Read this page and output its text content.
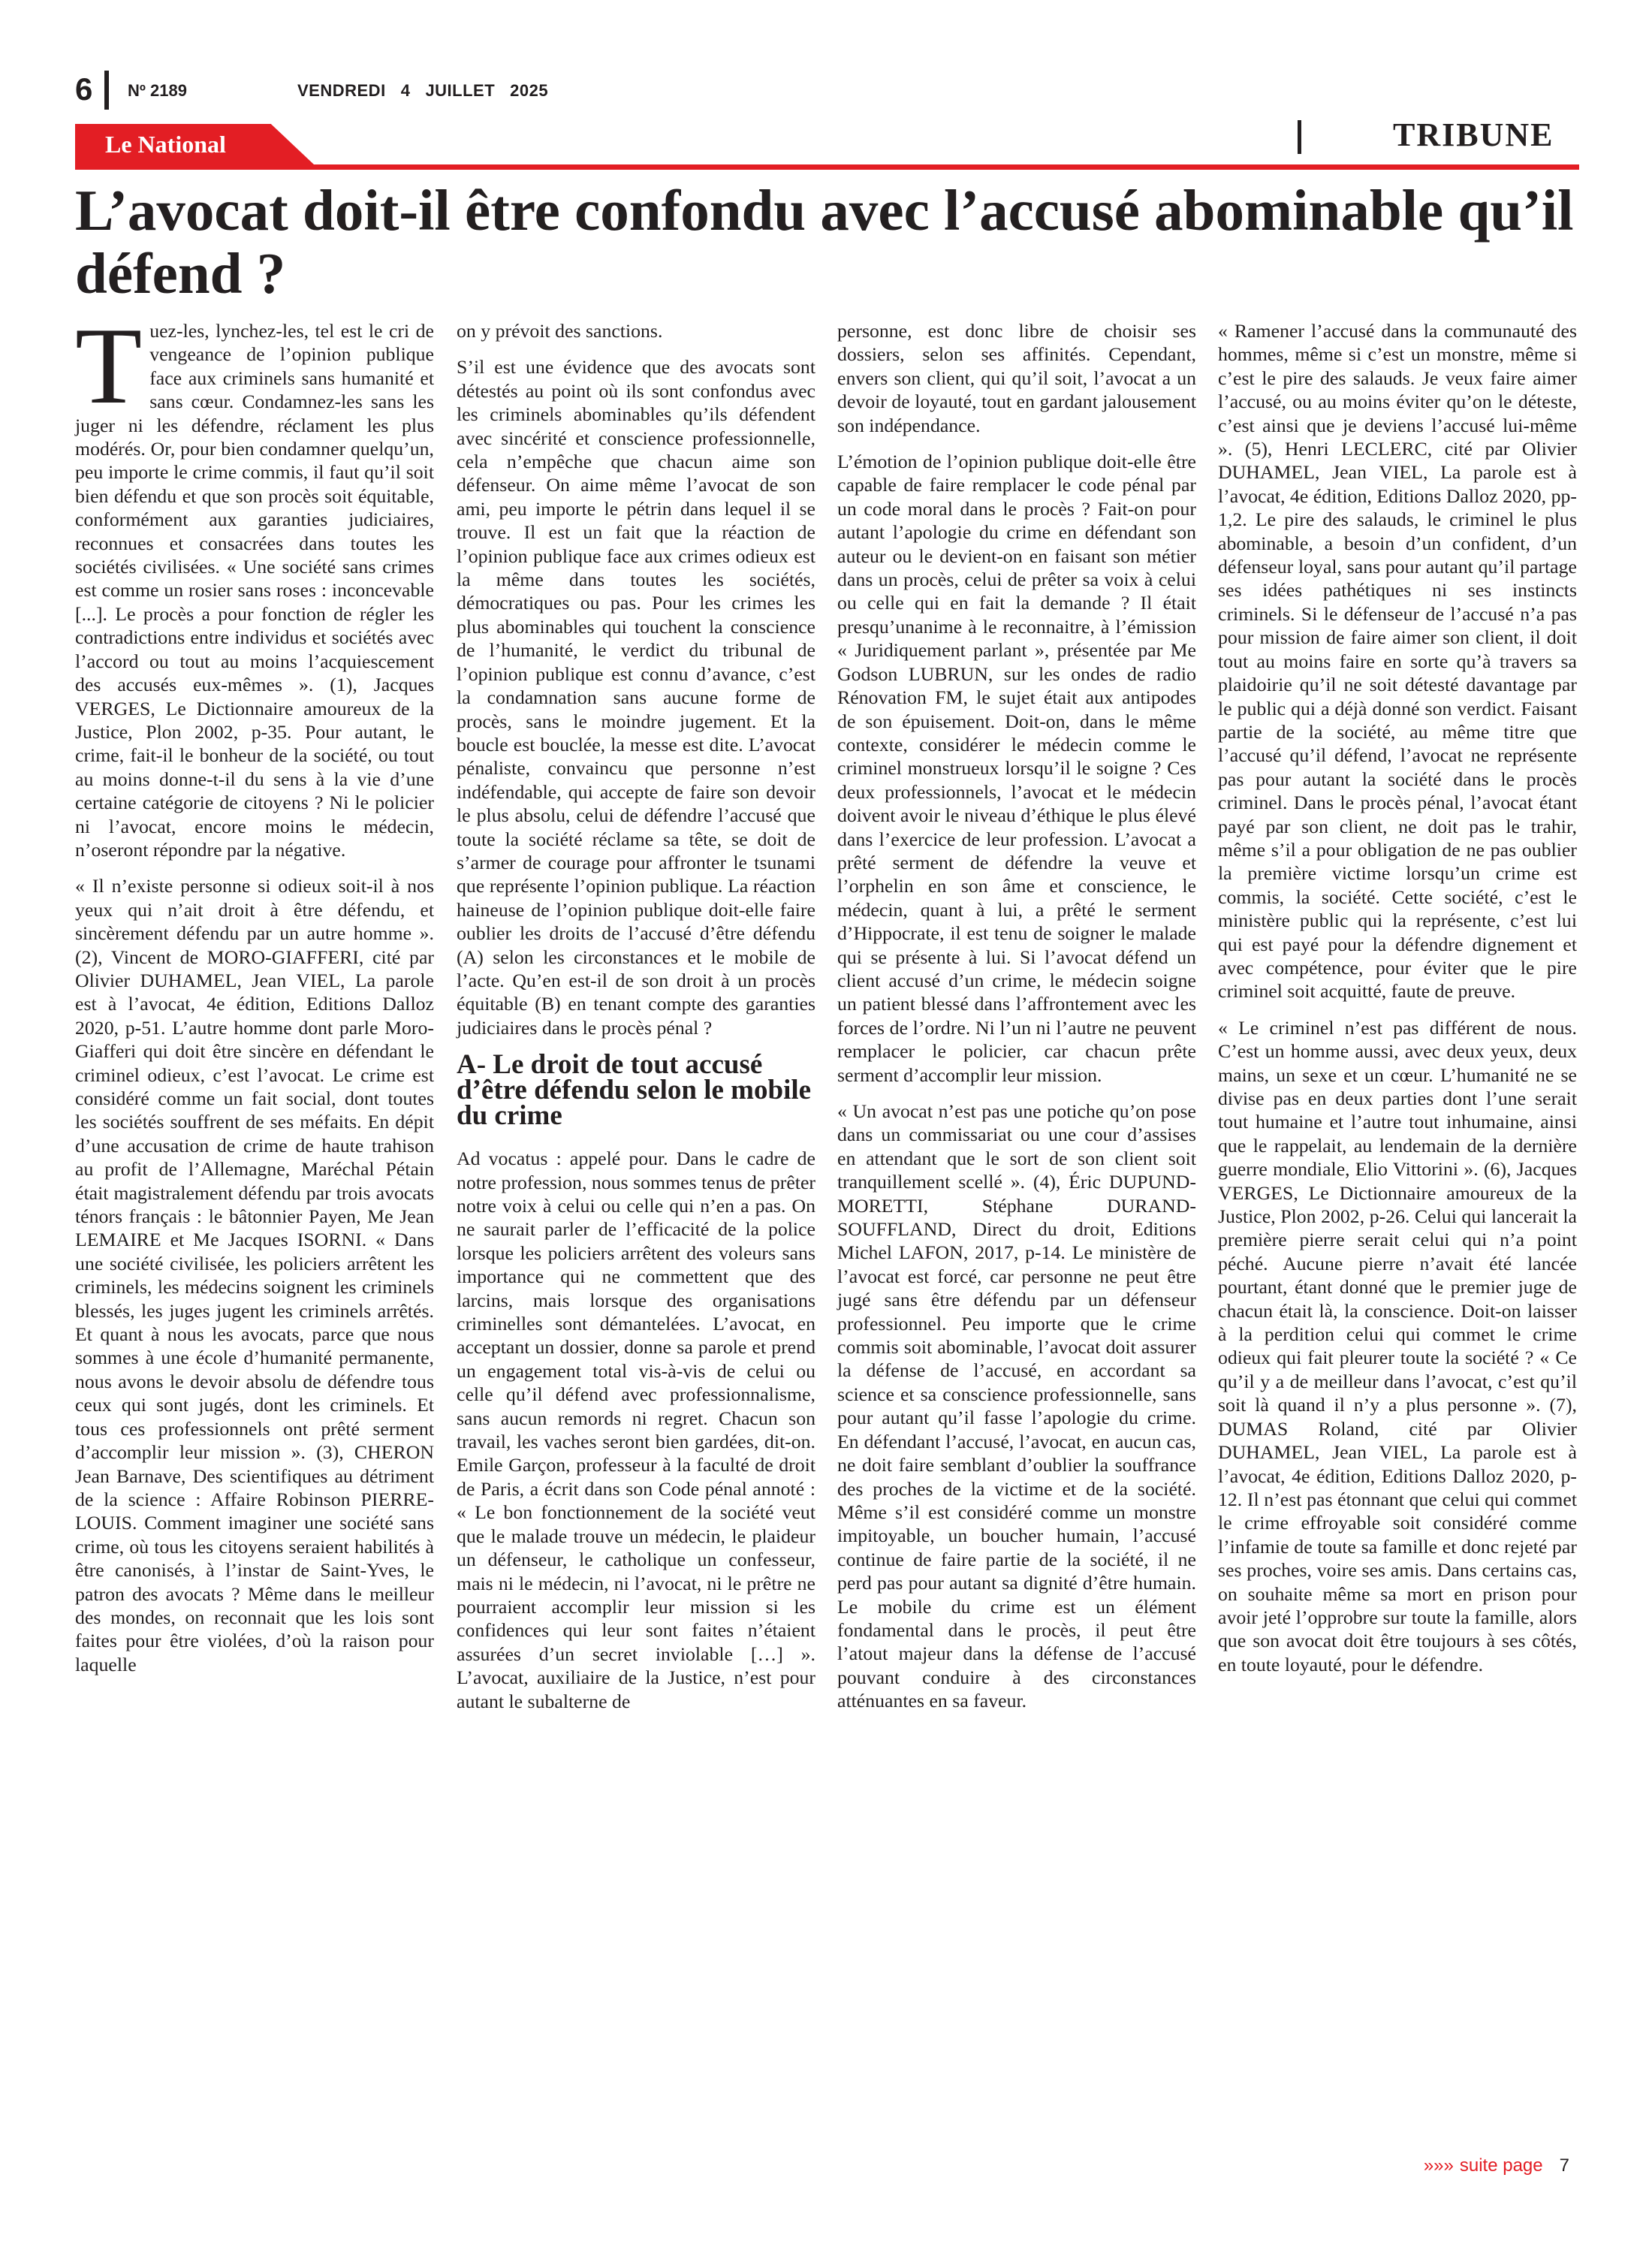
6 Nº 2189	VENDREDI 4 JUILLET 2025
Le National	TRIBUNE
L’avocat doit-il être confondu avec l’accusé abominable qu’il défend ?

Tuez-les, lynchez-les, tel est le cri de vengeance de l’opinion publique face aux criminels sans humanité et sans cœur. Condamnez-les sans les juger ni les défendre, réclament les plus modérés. Or, pour bien condamner quelqu’un, peu importe le crime commis, il faut qu’il soit bien défendu et que son procès soit équitable, conformément aux garanties judiciaires, reconnues et consacrées dans toutes les sociétés civilisées. « Une société sans crimes est comme un rosier sans roses : inconcevable [...]. Le procès a pour fonction de régler les contradictions entre individus et sociétés avec l’accord ou tout au moins l’acquiescement des accusés eux-mêmes ». (1), Jacques VERGES, Le Dictionnaire amoureux de la Justice, Plon 2002, p-35. Pour autant, le crime, fait-il le bonheur de la société, ou tout au moins donne-t-il du sens à la vie d’une certaine catégorie de citoyens ? Ni le policier ni l’avocat, encore moins le médecin, n’oseront répondre par la négative.

« Il n’existe personne si odieux soit-il à nos yeux qui n’ait droit à être défendu, et sincèrement défendu par un autre homme ». (2), Vincent de MORO-GIAFFERI, cité par Olivier DUHAMEL, Jean VIEL, La parole est à l’avocat, 4e édition, Editions Dalloz 2020, p-51. L’autre homme dont parle Moro-Giafferi qui doit être sincère en défendant le criminel odieux, c’est l’avocat. Le crime est considéré comme un fait social, dont toutes les sociétés souffrent de ses méfaits. En dépit d’une accusation de crime de haute trahison au profit de l’Allemagne, Maréchal Pétain était magistralement défendu par trois avocats ténors français : le bâtonnier Payen, Me Jean LEMAIRE et Me Jacques ISORNI. « Dans une société civilisée, les policiers arrêtent les criminels, les médecins soignent les criminels blessés, les juges jugent les criminels arrêtés. Et quant à nous les avocats, parce que nous sommes à une école d’humanité permanente, nous avons le devoir absolu de défendre tous ceux qui sont jugés, dont les criminels. Et tous ces professionnels ont prêté serment d’accomplir leur mission ». (3), CHERON Jean Barnave, Des scientifiques au détriment de la science : Affaire Robinson PIERRE-LOUIS. Comment imaginer une société sans crime, où tous les citoyens seraient habilités à être canonisés, à l’instar de Saint-Yves, le patron des avocats ? Même dans le meilleur des mondes, on reconnait que les lois sont faites pour être violées, d’où la raison pour laquelle

on y prévoit des sanctions.

S’il est une évidence que des avocats sont détestés au point où ils sont confondus avec les criminels abominables qu’ils défendent avec sincérité et conscience professionnelle, cela n’empêche que chacun aime son défenseur. On aime même l’avocat de son ami, peu importe le pétrin dans lequel il se trouve. Il est un fait que la réaction de l’opinion publique face aux crimes odieux est la même dans toutes les sociétés, démocratiques ou pas. Pour les crimes les plus abominables qui touchent la conscience de l’humanité, le verdict du tribunal de l’opinion publique est connu d’avance, c’est la condamnation sans aucune forme de procès, sans le moindre jugement. Et la boucle est bouclée, la messe est dite. L’avocat pénaliste, convaincu que personne n’est indéfendable, qui accepte de faire son devoir le plus absolu, celui de défendre l’accusé que toute la société réclame sa tête, se doit de s’armer de courage pour affronter le tsunami que représente l’opinion publique. La réaction haineuse de l’opinion publique doit-elle faire oublier les droits de l’accusé d’être défendu (A) selon les circonstances et le mobile de l’acte. Qu’en est-il de son droit à un procès équitable (B) en tenant compte des garanties judiciaires dans le procès pénal ?

A- Le droit de tout accusé d’être défendu selon le mobile du crime

Ad vocatus : appelé pour. Dans le cadre de notre profession, nous sommes tenus de prêter notre voix à celui ou celle qui n’en a pas. On ne saurait parler de l’efficacité de la police lorsque les policiers arrêtent des voleurs sans importance qui ne commettent que des larcins, mais lorsque des organisations criminelles sont démantelées. L’avocat, en acceptant un dossier, donne sa parole et prend un engagement total vis-à-vis de celui ou celle qu’il défend avec professionnalisme, sans aucun remords ni regret. Chacun son travail, les vaches seront bien gardées, dit-on. Emile Garçon, professeur à la faculté de droit de Paris, a écrit dans son Code pénal annoté : « Le bon fonctionnement de la société veut que le malade trouve un médecin, le plaideur un défenseur, le catholique un confesseur, mais ni le médecin, ni l’avocat, ni le prêtre ne pourraient accomplir leur mission si les confidences qui leur sont faites n’étaient assurées d’un secret inviolable […] ». L’avocat, auxiliaire de la Justice, n’est pour autant le subalterne de

personne, est donc libre de choisir ses dossiers, selon ses affinités. Cependant, envers son client, qui qu’il soit, l’avocat a un devoir de loyauté, tout en gardant jalousement son indépendance.

L’émotion de l’opinion publique doit-elle être capable de faire remplacer le code pénal par un code moral dans le procès ? Fait-on pour autant l’apologie du crime en défendant son auteur ou le devient-on en faisant son métier dans un procès, celui de prêter sa voix à celui ou celle qui en fait la demande ? Il était presqu’unanime à le reconnaitre, à l’émission « Juridiquement parlant », présentée par Me Godson LUBRUN, sur les ondes de radio Rénovation FM, le sujet était aux antipodes de son épuisement. Doit-on, dans le même contexte, considérer le médecin comme le criminel monstrueux lorsqu’il le soigne ? Ces deux professionnels, l’avocat et le médecin doivent avoir le niveau d’éthique le plus élevé dans l’exercice de leur profession. L’avocat a prêté serment de défendre la veuve et l’orphelin en son âme et conscience, le médecin, quant à lui, a prêté le serment d’Hippocrate, il est tenu de soigner le malade qui se présente à lui. Si l’avocat défend un client accusé d’un crime, le médecin soigne un patient blessé dans l’affrontement avec les forces de l’ordre. Ni l’un ni l’autre ne peuvent remplacer le policier, car chacun prête serment d’accomplir leur mission.

« Un avocat n’est pas une potiche qu’on pose dans un commissariat ou une cour d’assises en attendant que le sort de son client soit tranquillement scellé ». (4), Éric DUPUND-MORETTI, Stéphane DURAND-SOUFFLAND, Direct du droit, Editions Michel LAFON, 2017, p-14. Le ministère de l’avocat est forcé, car personne ne peut être jugé sans être défendu par un défenseur professionnel. Peu importe que le crime commis soit abominable, l’avocat doit assurer la défense de l’accusé, en accordant sa science et sa conscience professionnelle, sans pour autant qu’il fasse l’apologie du crime. En défendant l’accusé, l’avocat, en aucun cas, ne doit faire semblant d’oublier la souffrance des proches de la victime et de la société. Même s’il est considéré comme un monstre impitoyable, un boucher humain, l’accusé continue de faire partie de la société, il ne perd pas pour autant sa dignité d’être humain. Le mobile du crime est un élément fondamental dans le procès, il peut être l’atout majeur dans la défense de l’accusé pouvant conduire à des circonstances atténuantes en sa faveur.

« Ramener l’accusé dans la communauté des hommes, même si c’est un monstre, même si c’est le pire des salauds. Je veux faire aimer l’accusé, ou au moins éviter qu’on le déteste, c’est ainsi que je deviens l’accusé lui-même ». (5), Henri LECLERC, cité par Olivier DUHAMEL, Jean VIEL, La parole est à l’avocat, 4e édition, Editions Dalloz 2020, pp-1,2. Le pire des salauds, le criminel le plus abominable, a besoin d’un confident, d’un défenseur loyal, sans pour autant qu’il partage ses idées pathétiques ni ses instincts criminels. Si le défenseur de l’accusé n’a pas pour mission de faire aimer son client, il doit tout au moins faire en sorte qu’à travers sa plaidoirie qu’il ne soit détesté davantage par le public qui a déjà donné son verdict. Faisant partie de la société, au même titre que l’accusé qu’il défend, l’avocat ne représente pas pour autant la société dans le procès criminel. Dans le procès pénal, l’avocat étant payé par son client, ne doit pas le trahir, même s’il a pour obligation de ne pas oublier la première victime lorsqu’un crime est commis, la société. Cette société, c’est le ministère public qui la représente, c’est lui qui est payé pour la défendre dignement et avec compétence, pour éviter que le pire criminel soit acquitté, faute de preuve.

« Le criminel n’est pas différent de nous. C’est un homme aussi, avec deux yeux, deux mains, un sexe et un cœur. L’humanité ne se divise pas en deux parties dont l’une serait tout humaine et l’autre tout inhumaine, ainsi que le rappelait, au lendemain de la dernière guerre mondiale, Elio Vittorini ». (6), Jacques VERGES, Le Dictionnaire amoureux de la Justice, Plon 2002, p-26. Celui qui lancerait la première pierre serait celui qui n’a point péché. Aucune pierre n’avait été lancée pourtant, étant donné que le premier juge de chacun était là, la conscience. Doit-on laisser à la perdition celui qui commet le crime odieux qui fait pleurer toute la société ? « Ce qu’il y a de meilleur dans l’avocat, c’est qu’il soit là quand il n’y a plus personne ». (7), DUMAS Roland, cité par Olivier DUHAMEL, Jean VIEL, La parole est à l’avocat, 4e édition, Editions Dalloz 2020, p-12. Il n’est pas étonnant que celui qui commet le crime effroyable soit considéré comme l’infamie de toute sa famille et donc rejeté par ses proches, voire ses amis. Dans certains cas, on souhaite même sa mort en prison pour avoir jeté l’opprobre sur toute la famille, alors que son avocat doit être toujours à ses côtés, en toute loyauté, pour le défendre.

»»» suite page 7
